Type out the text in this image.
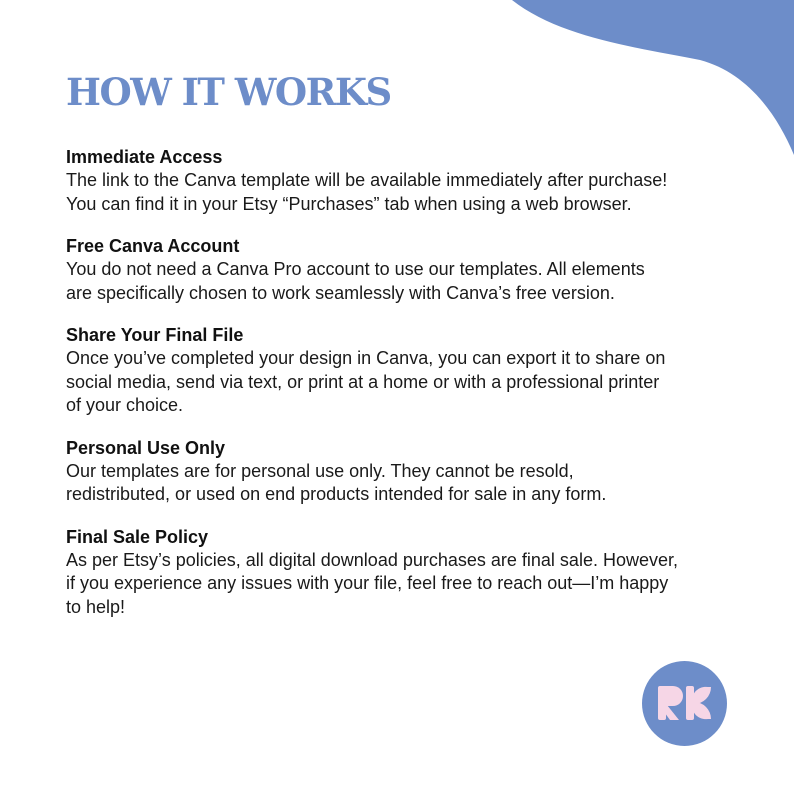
HOW IT WORKS
Immediate Access

The link to the Canva template will be available immediately after purchase!
You can find it in your Etsy “Purchases” tab when using a web browser.

Free Canva Account

You do not need a Canva Pro account to use our templates. All elements
are specifically chosen to work seamlessly with Canva’s free version.

Share Your Final File

Once you’ve completed your design in Canva, you can export it to share on
social media, send via text, or print at a home or with a professional printer
of your choice.

Personal Use Only

Our templates are for personal use only. They cannot be resold,
redistributed, or used on end products intended for sale in any form.

Final Sale Policy

As per Etsy’s policies, all digital download purchases are final sale. However,
if you experience any issues with your file, feel free to reach out—I’m happy
to help!
